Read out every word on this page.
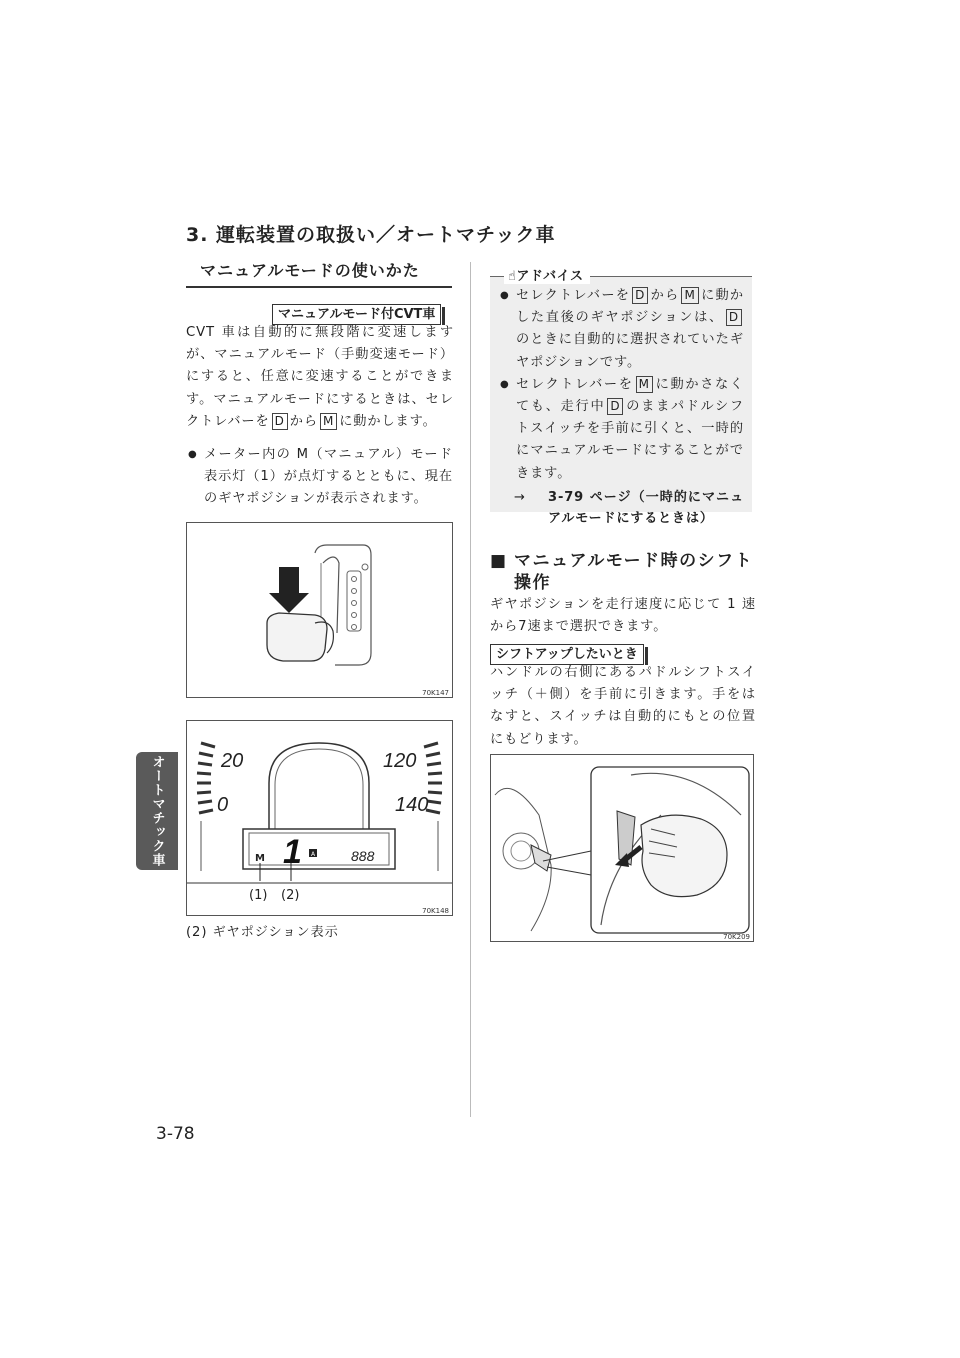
3. 運転装置の取扱い／オートマチック車
オートマチック車
マニュアルモードの使いかた
マニュアルモード付CVT車
CVT 車は自動的に無段階に変速しますが、マニュアルモード（手動変速モード）にすると、任意に変速することができます。マニュアルモードにするときは、セレクトレバーを D から M に動かします。
● メーター内の M（マニュアル）モード表示灯（1）が点灯するとともに、現在のギヤポジションが表示されます。
70K147
20
0
120
140
M 1 A	888
(1) (2)
70K148
(2) ギヤポジション表示
☝アドバイス
● セレクトレバーを D から M に動かした直後のギヤポジションは、 Dのときに自動的に選択されていたギヤポジションです。
● セレクトレバーを M に動かさなくても、走行中 D のままパドルシフトスイッチを手前に引くと、一時的にマニュアルモードにすることができます。
→	3-79 ページ（一時的にマニュアルモードにするときは）
■ マニュアルモード時のシフト操作
ギヤポジションを走行速度に応じて 1 速から7速まで選択できます。
シフトアップしたいとき
ハンドルの右側にあるパドルシフトスイッチ（＋側）を手前に引きます。手をはなすと、スイッチは自動的にもとの位置にもどります。
70K209
3-78
